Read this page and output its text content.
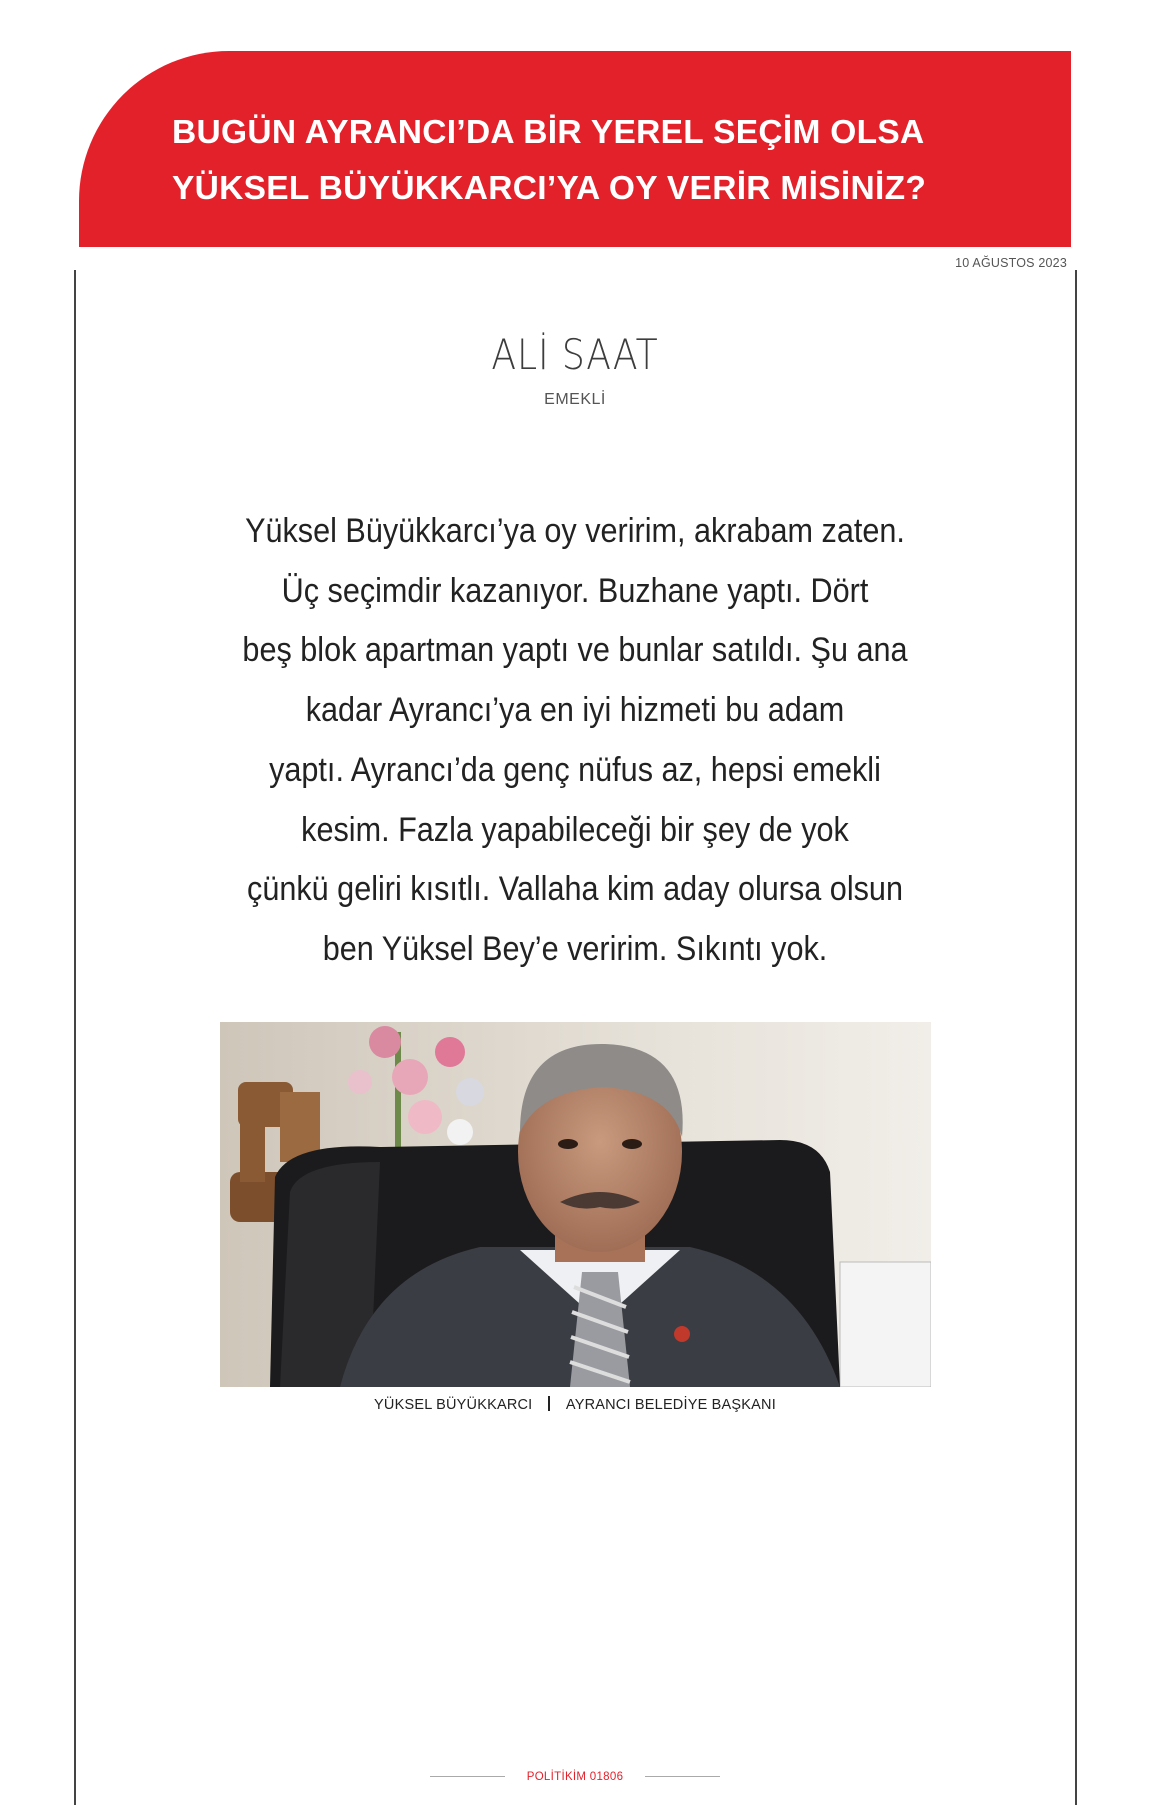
BUGÜN AYRANCI’DA BİR YEREL SEÇİM OLSA
YÜKSEL BÜYÜKKARCI’YA OY VERİR MİSİNİZ?
10 AĞUSTOS 2023
ALİ SAAT
EMEKLİ
Yüksel Büyükkarcı’ya oy veririm, akrabam zaten.
Üç seçimdir kazanıyor. Buzhane yaptı. Dört
beş blok apartman yaptı ve bunlar satıldı. Şu ana
kadar Ayrancı’ya en iyi hizmeti bu adam
yaptı. Ayrancı’da genç nüfus az, hepsi emekli
kesim. Fazla yapabileceği bir şey de yok
çünkü geliri kısıtlı. Vallaha kim aday olursa olsun
ben Yüksel Bey’e veririm. Sıkıntı yok.
YÜKSEL BÜYÜKKARCI AYRANCI BELEDİYE BAŞKANI
POLİTİKİM 01806
